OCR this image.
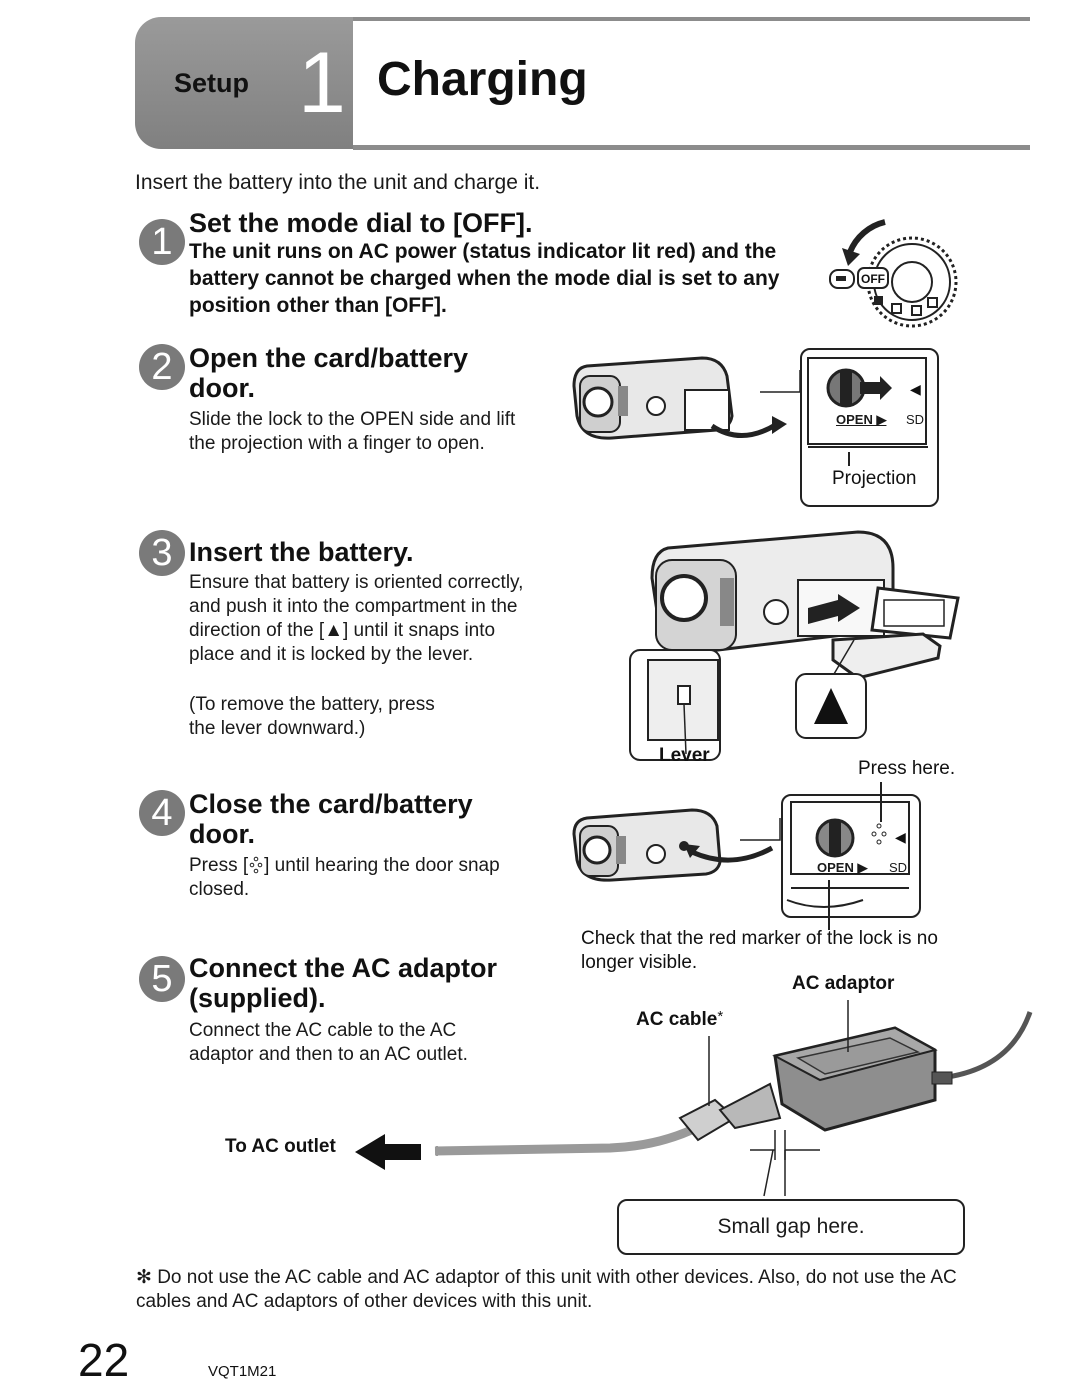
Setup 1 Charging
Insert the battery into the unit and charge it.
1 Set the mode dial to [OFF].
The unit runs on AC power (status indicator lit red) and the battery cannot be charged when the mode dial is set to any position other than [OFF].
OFF
2 Open the card/battery
door.
Slide the lock to the OPEN side and lift the projection with a finger to open.
◀
OPEN ▶ SD
Projection
3 Insert the battery.
Ensure that battery is oriented correctly, and push it into the compartment in the direction of the [▲] until it snaps into place and it is locked by the lever.
(To remove the battery, press the lever downward.)
Lever
Press here.
4 Close the card/battery
door.
Press [ ] until hearing the door snap closed.
◀
OPEN ▶ SD
Check that the red marker of the lock is no longer visible.
5 Connect the AC adaptor
(supplied).
Connect the AC cable to the AC adaptor and then to an AC outlet.
AC adaptor
AC cable*
To AC outlet
Small gap here.
✻ Do not use the AC cable and AC adaptor of this unit with other devices. Also, do not use the AC cables and AC adaptors of other devices with this unit.
22	VQT1M21
